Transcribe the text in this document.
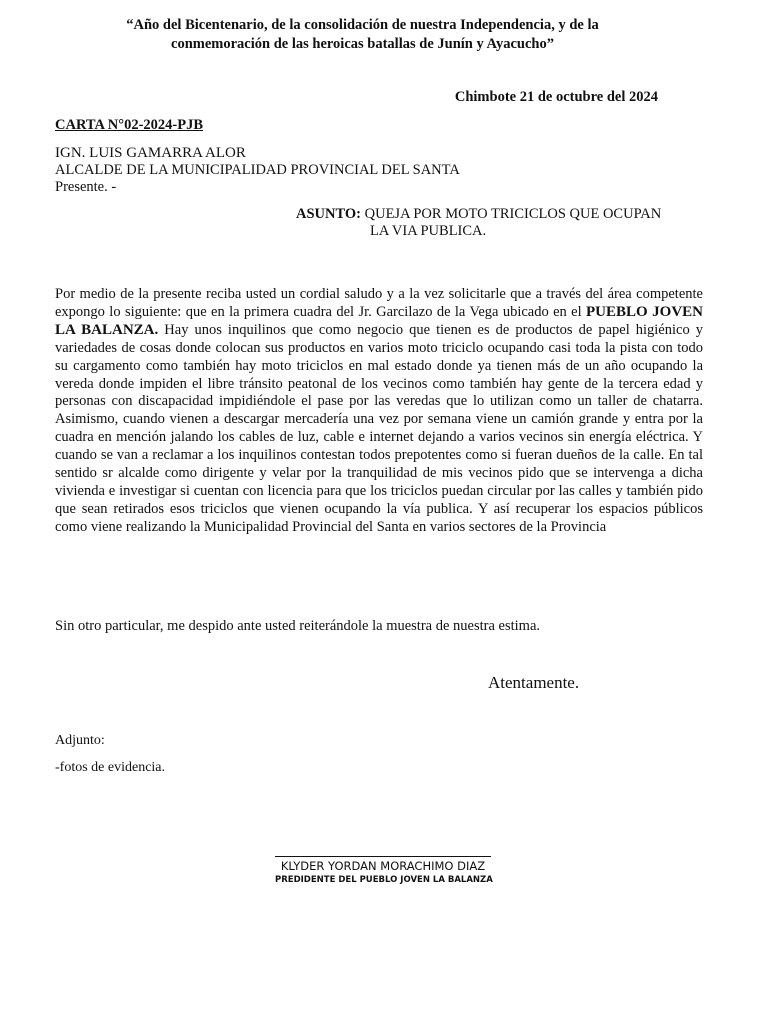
“Año del Bicentenario, de la consolidación de nuestra Independencia, y de la
conmemoración de las heroicas batallas de Junín y Ayacucho”
Chimbote 21 de octubre del 2024
CARTA N°02-2024-PJB
IGN. LUIS GAMARRA ALOR
ALCALDE DE LA MUNICIPALIDAD PROVINCIAL DEL SANTA
Presente. -
ASUNTO: QUEJA POR MOTO TRICICLOS QUE OCUPAN
LA VIA PUBLICA.
Por medio de la presente reciba usted un cordial saludo y a la vez solicitarle que a través del área competente expongo lo siguiente: que en la primera cuadra del Jr. Garcilazo de la Vega ubicado en el PUEBLO JOVEN LA BALANZA. Hay unos inquilinos que como negocio que tienen es de productos de papel higiénico y variedades de cosas donde colocan sus productos en varios moto triciclo ocupando casi toda la pista con todo su cargamento como también hay moto triciclos en mal estado donde ya tienen más de un año ocupando la vereda donde impiden el libre tránsito peatonal de los vecinos como también hay gente de la tercera edad y personas con discapacidad impidiéndole el pase por las veredas que lo utilizan como un taller de chatarra. Asimismo, cuando vienen a descargar mercadería una vez por semana viene un camión grande y entra por la cuadra en mención jalando los cables de luz, cable e internet dejando a varios vecinos sin energía eléctrica. Y cuando se van a reclamar a los inquilinos contestan todos prepotentes como si fueran dueños de la calle. En tal sentido sr alcalde como dirigente y velar por la tranquilidad de mis vecinos pido que se intervenga a dicha vivienda e investigar si cuentan con licencia para que los triciclos puedan circular por las calles y también pido que sean retirados esos triciclos que vienen ocupando la vía publica. Y así recuperar los espacios públicos como viene realizando la Municipalidad Provincial del Santa en varios sectores de la Provincia
Sin otro particular, me despido ante usted reiterándole la muestra de nuestra estima.
Atentamente.
Adjunto:
-fotos de evidencia.
KLYDER YORDAN MORACHIMO DIAZ
PREDIDENTE DEL PUEBLO JOVEN LA BALANZA
